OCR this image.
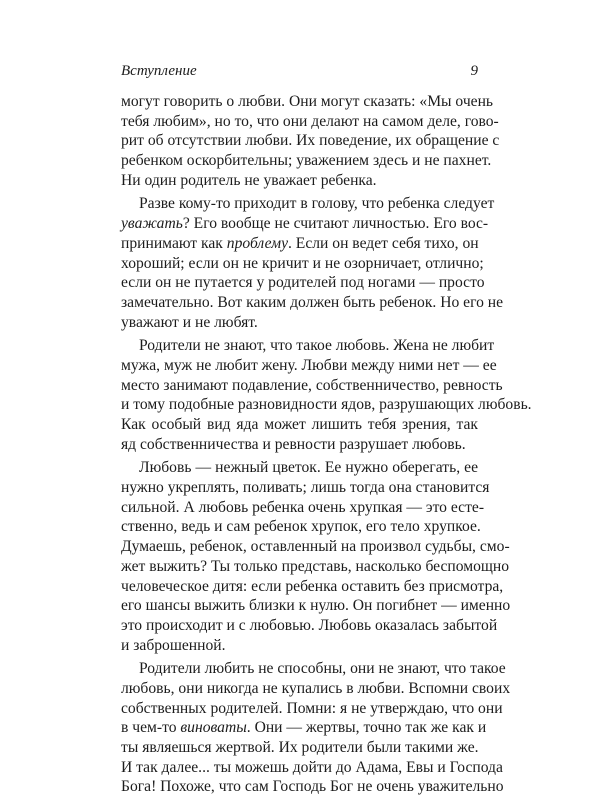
Вступление	9
могут говорить о любви. Они могут сказать: «Мы очень
тебя любим», но то, что они делают на самом деле, гово-
рит об отсутствии любви. Их поведение, их обращение с
ребенком оскорбительны; уважением здесь и не пахнет.
Ни один родитель не уважает ребенка.
Разве кому-то приходит в голову, что ребенка следует
уважать? Его вообще не считают личностью. Его вос-
принимают как проблему. Если он ведет себя тихо, он
хороший; если он не кричит и не озорничает, отлично;
если он не путается у родителей под ногами — просто
замечательно. Вот каким должен быть ребенок. Но его не
уважают и не любят.
Родители не знают, что такое любовь. Жена не любит
мужа, муж не любит жену. Любви между ними нет — ее
место занимают подавление, собственничество, ревность
и тому подобные разновидности ядов, разрушающих любовь.
Как особый вид яда может лишить тебя зрения, так
яд собственничества и ревности разрушает любовь.
Любовь — нежный цветок. Ее нужно оберегать, ее
нужно укреплять, поливать; лишь тогда она становится
сильной. А любовь ребенка очень хрупкая — это есте-
ственно, ведь и сам ребенок хрупок, его тело хрупкое.
Думаешь, ребенок, оставленный на произвол судьбы, смо-
жет выжить? Ты только представь, насколько беспомощно
человеческое дитя: если ребенка оставить без присмотра,
его шансы выжить близки к нулю. Он погибнет — именно
это происходит и с любовью. Любовь оказалась забытой
и заброшенной.
Родители любить не способны, они не знают, что такое
любовь, они никогда не купались в любви. Вспомни своих
собственных родителей. Помни: я не утверждаю, что они
в чем-то виноваты. Они — жертвы, точно так же как и
ты являешься жертвой. Их родители были такими же.
И так далее... ты можешь дойти до Адама, Евы и Господа
Бога! Похоже, что сам Господь Бог не очень уважительно
